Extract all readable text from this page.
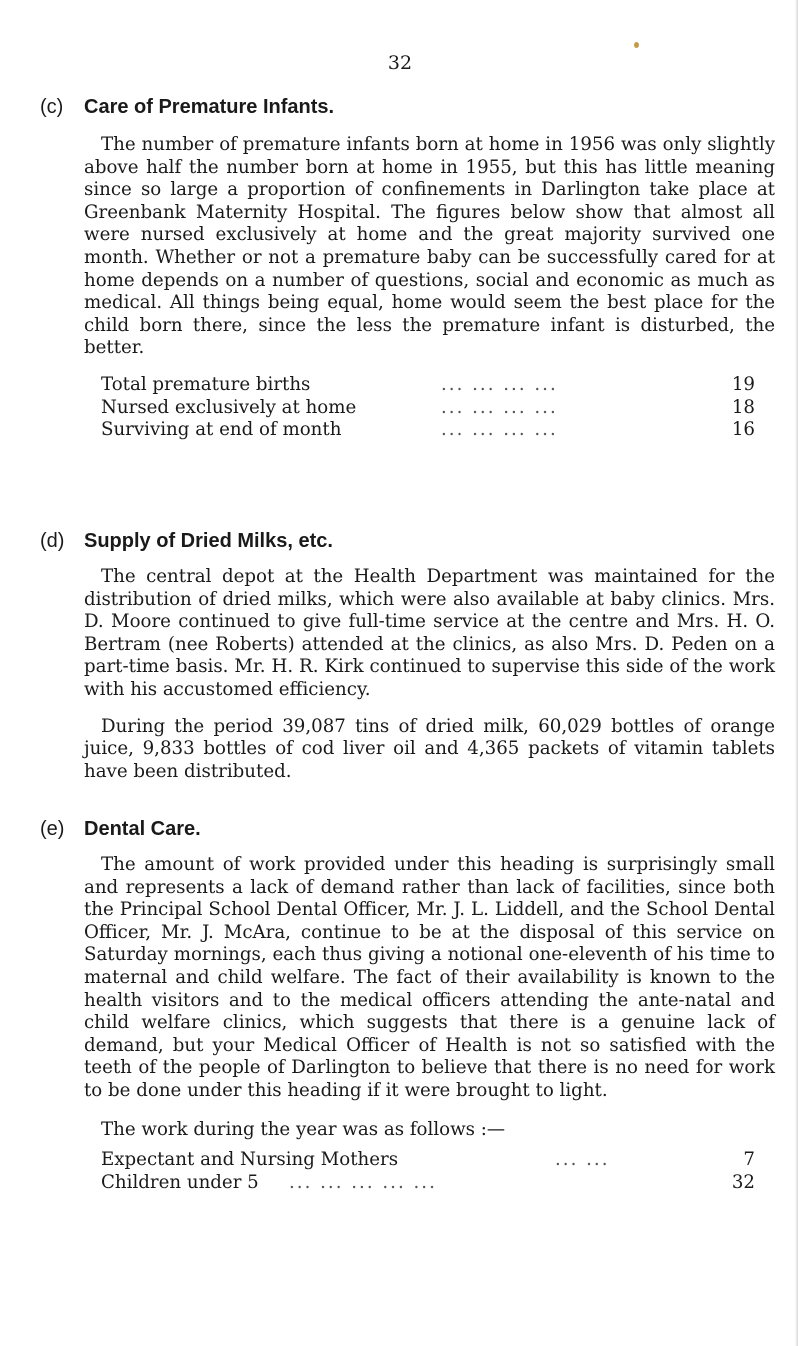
32
(c) Care of Premature Infants.

The number of premature infants born at home in 1956 was only slightly above half the number born at home in 1955, but this has little meaning since so large a proportion of confinements in Darlington take place at Greenbank Maternity Hospital. The figures below show that almost all were nursed exclusively at home and the great majority survived one month. Whether or not a premature baby can be successfully cared for at home depends on a number of questions, social and economic as much as medical. All things being equal, home would seem the best place for the child born there, since the less the premature infant is disturbed, the better.

Total premature births	... ... ... ...	19
Nursed exclusively at home	... ... ... ...	18
Surviving at end of month	... ... ... ...	16
(d) Supply of Dried Milks, etc.

The central depot at the Health Department was maintained for the distribution of dried milks, which were also available at baby clinics. Mrs. D. Moore continued to give full-time service at the centre and Mrs. H. O. Bertram (nee Roberts) attended at the clinics, as also Mrs. D. Peden on a part-time basis. Mr. H. R. Kirk continued to supervise this side of the work with his accustomed efficiency.

During the period 39,087 tins of dried milk, 60,029 bottles of orange juice, 9,833 bottles of cod liver oil and 4,365 packets of vitamin tablets have been distributed.

(e) Dental Care.

The amount of work provided under this heading is surprisingly small and represents a lack of demand rather than lack of facilities, since both the Principal School Dental Officer, Mr. J. L. Liddell, and the School Dental Officer, Mr. J. McAra, continue to be at the disposal of this service on Saturday mornings, each thus giving a notional one-eleventh of his time to maternal and child welfare. The fact of their availability is known to the health visitors and to the medical officers attending the ante-natal and child welfare clinics, which suggests that there is a genuine lack of demand, but your Medical Officer of Health is not so satisfied with the teeth of the people of Darlington to believe that there is no need for work to be done under this heading if it were brought to light.

The work during the year was as follows :—
Expectant and Nursing Mothers	... ...	7
Children under 5 ... ... ... ... ...	32
